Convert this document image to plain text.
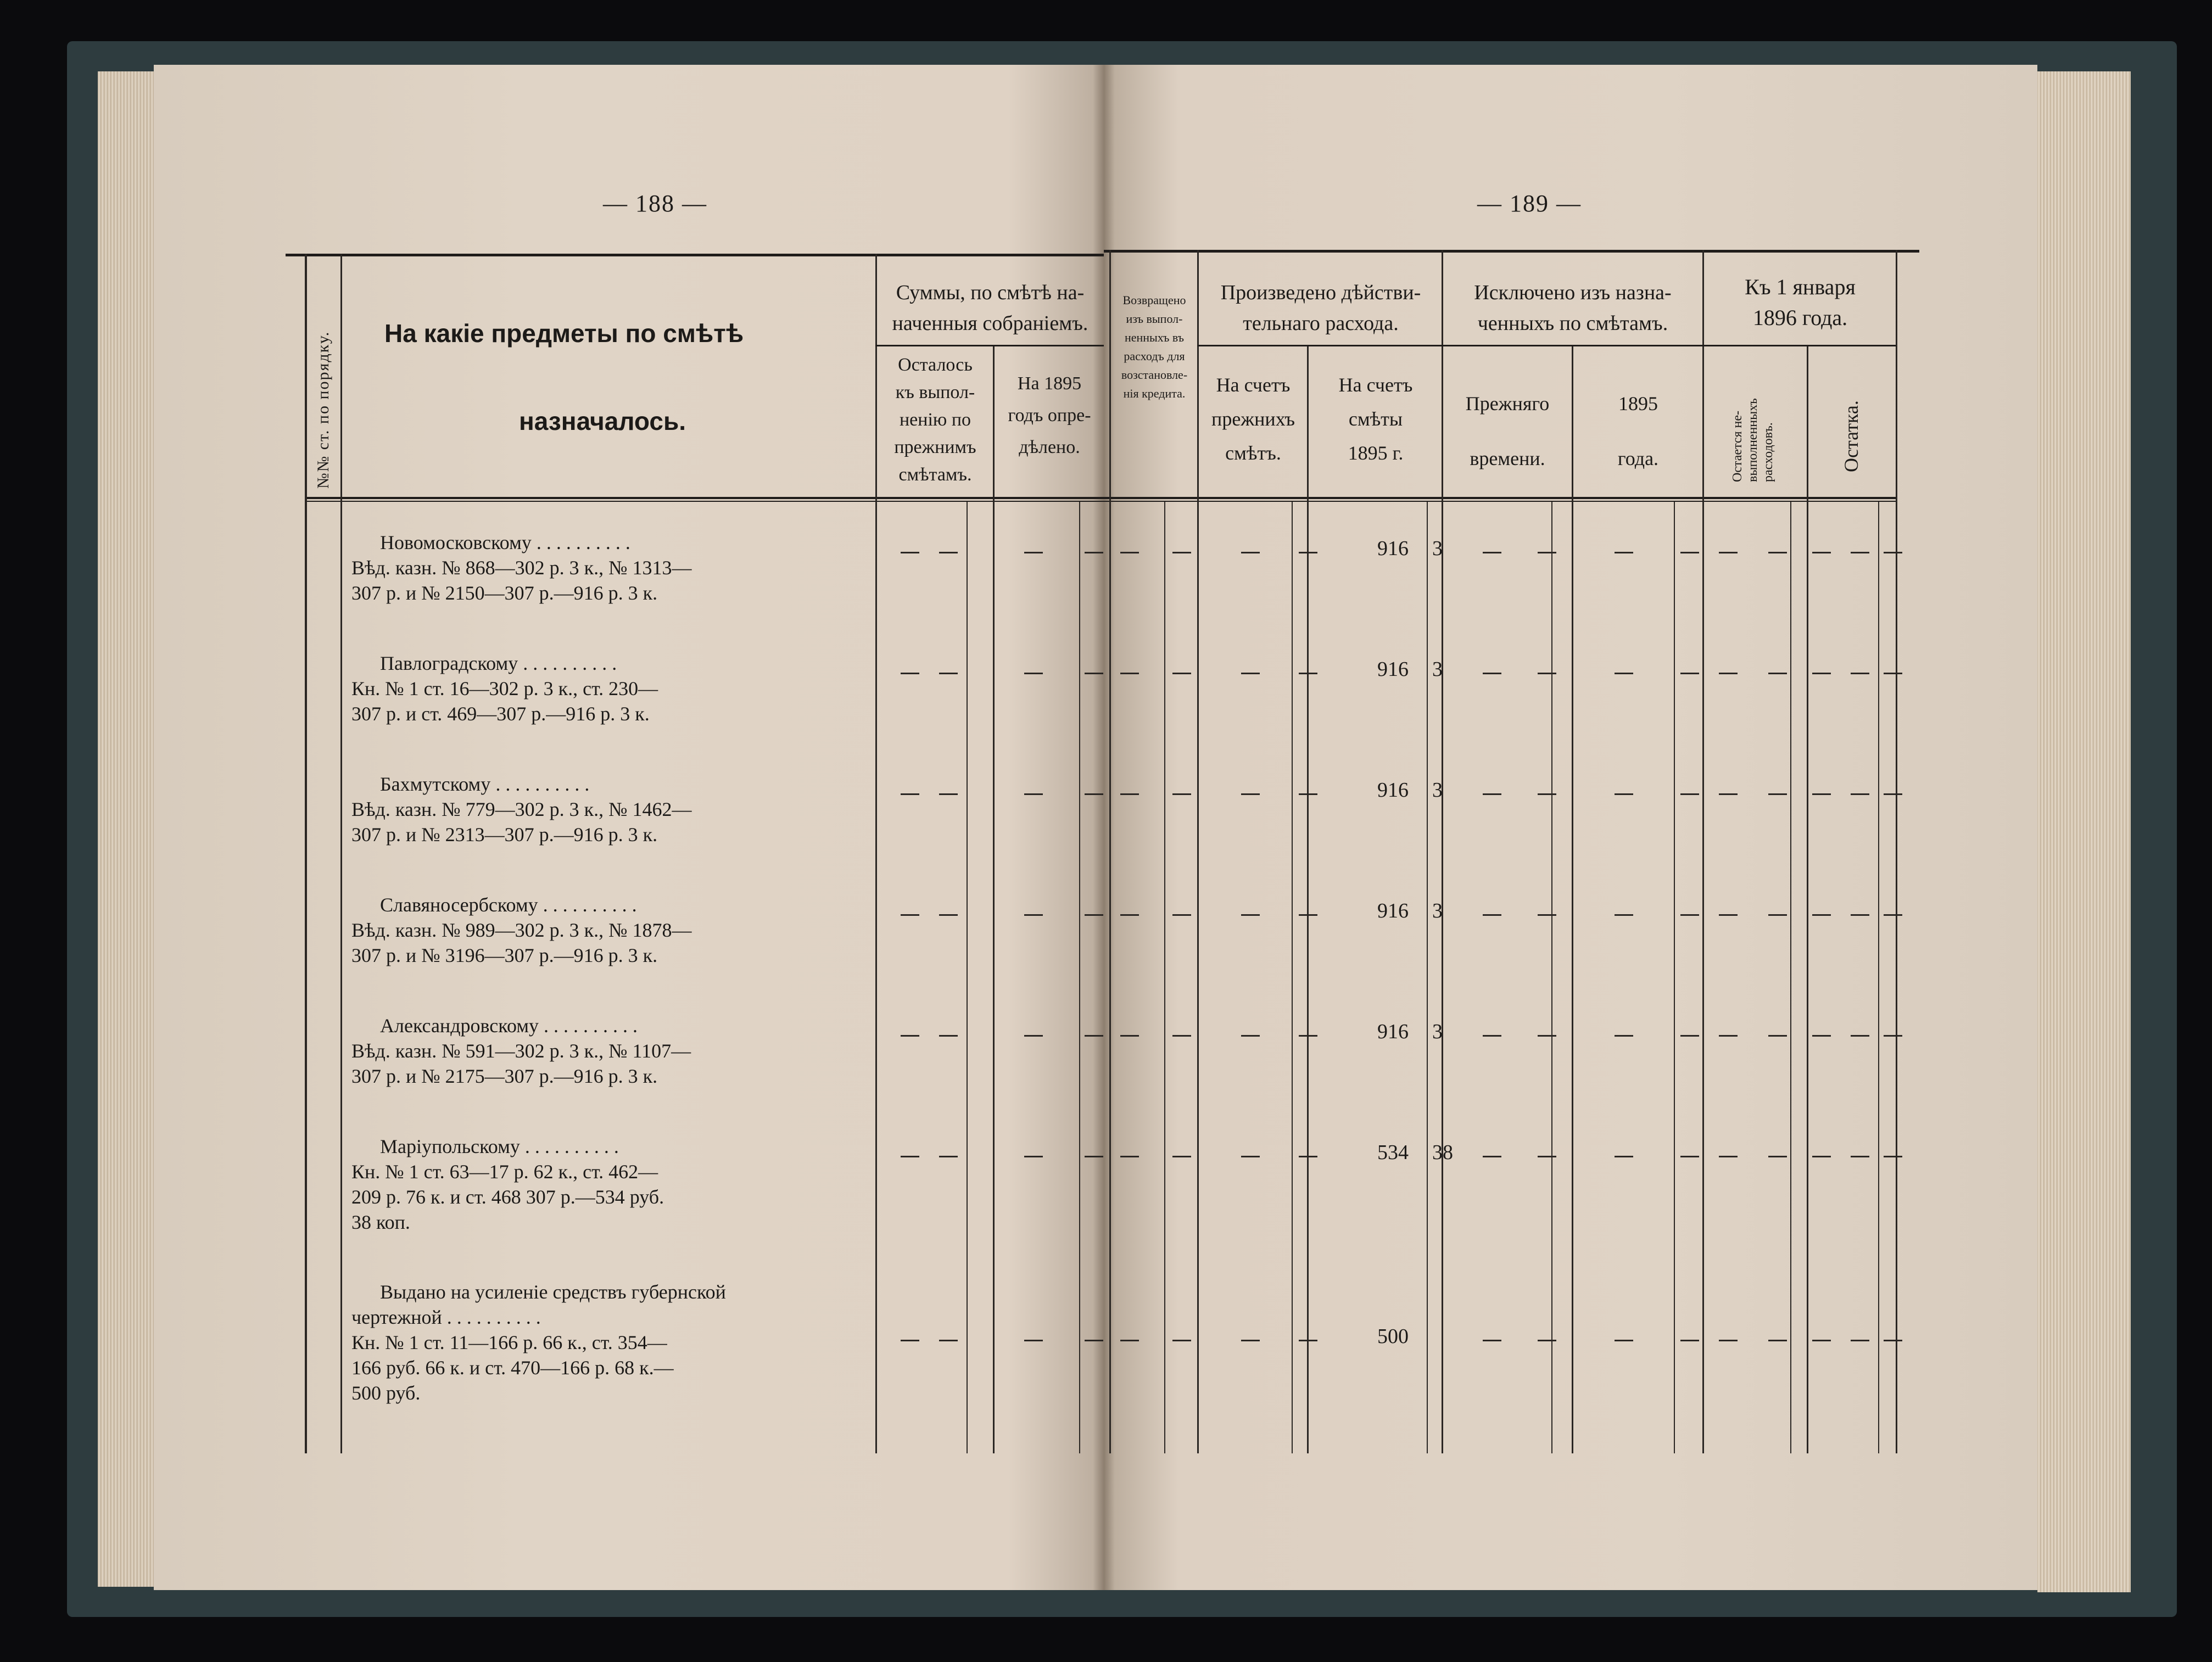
— 188 —	— 189 —
№№ ст. по порядку. На какіе предметы по смѣтѣ
назначалось.
Суммы, по смѣтѣ на-
наченныя собраніемъ.
Осталось
къ выпол-
ненію по
прежнимъ
смѣтамъ.
На 1895
годъ опре-
дѣлено.
Возвращено
изъ выпол-
ненныхъ въ
расходъ для
возстановле-
нія кредита.
Произведено дѣйстви-
тельнаго расхода.
На счетъ
прежнихъ
смѣтъ.
На счетъ
смѣты
1895 г.
Исключено изъ назна-
ченныхъ по смѣтамъ.
Прежняго
времени.
1895
года.
Къ 1 января
1896 года.
Остается не-
выполненныхъ
расходовъ.	Остатка.
Новомосковскому . . . . . . . . . .
Вѣд. казн. № 868—302 р. 3 к., № 1313—
307 р. и № 2150—307 р.—916 р. 3 к.
Павлоградскому . . . . . . . . . .
Кн. № 1 ст. 16—302 р. 3 к., ст. 230—
307 р. и ст. 469—307 р.—916 р. 3 к.
Бахмутскому . . . . . . . . . .
Вѣд. казн. № 779—302 р. 3 к., № 1462—
307 р. и № 2313—307 р.—916 р. 3 к.
Славяносербскому . . . . . . . . . .
Вѣд. казн. № 989—302 р. 3 к., № 1878—
307 р. и № 3196—307 р.—916 р. 3 к.
Александровскому . . . . . . . . . .
Вѣд. казн. № 591—302 р. 3 к., № 1107—
307 р. и № 2175—307 р.—916 р. 3 к.
Маріупольскому . . . . . . . . . .
Кн. № 1 ст. 63—17 р. 62 к., ст. 462—
209 р. 76 к. и ст. 468 307 р.—534 руб.
38 коп.
Выдано на усиленіе средствъ губернской
чертежной . . . . . . . . . .
Кн. № 1 ст. 11—166 р. 66 к., ст. 354—
166 руб. 66 к. и ст. 470—166 р. 68 к.—
500 руб.
916 3
916 3
916 3
916 3
916 3
534 38
500
